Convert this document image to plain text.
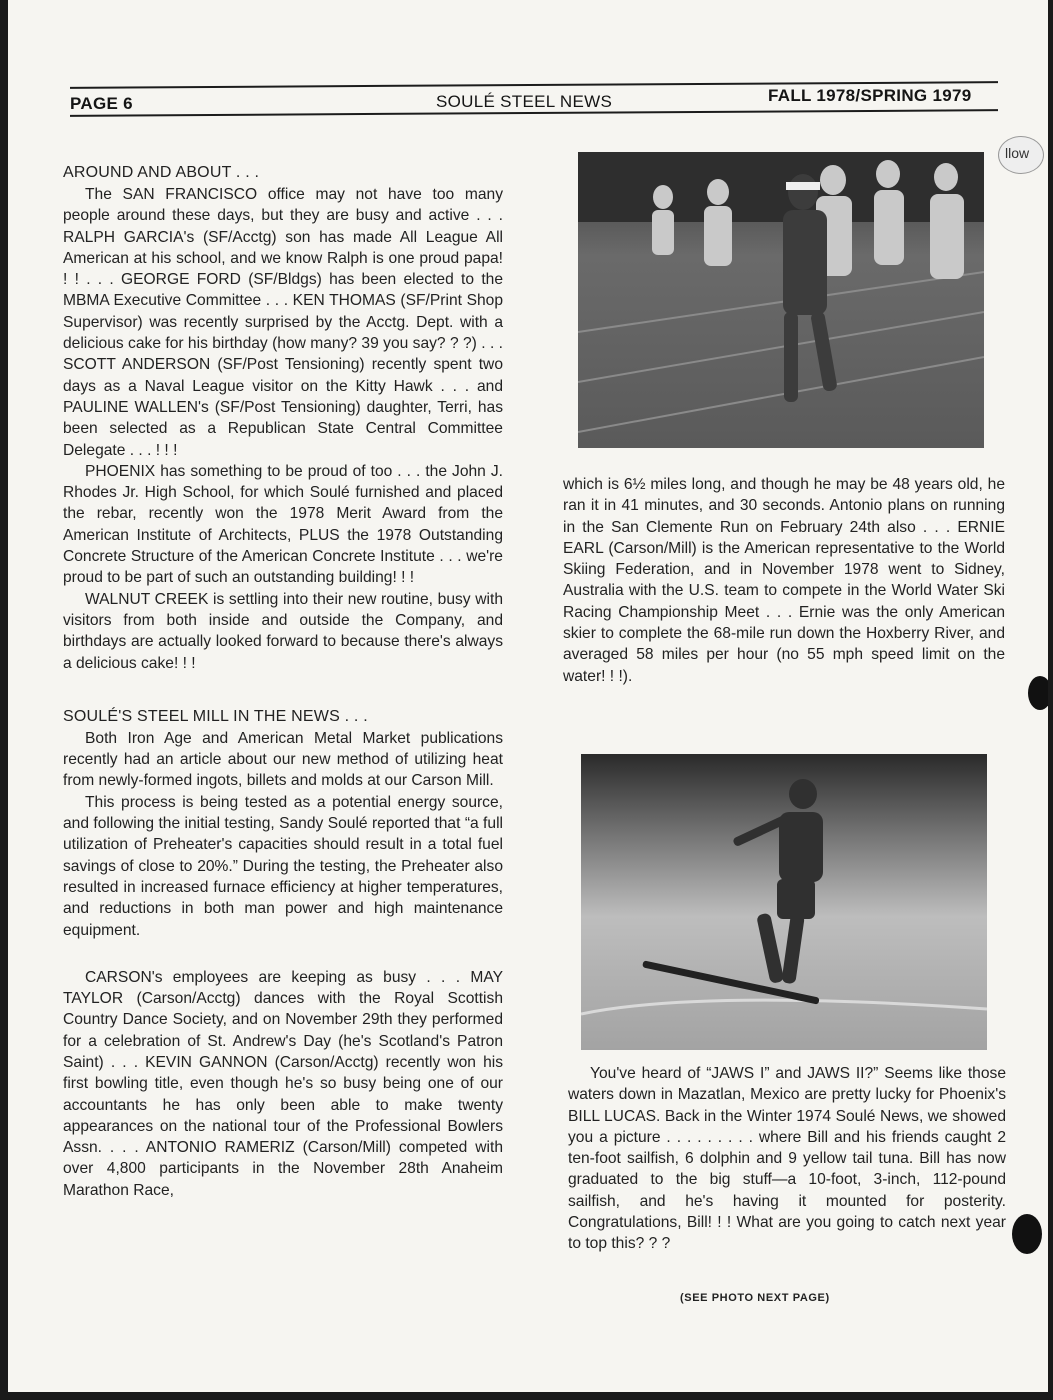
PAGE 6	SOULÉ STEEL NEWS	FALL 1978/SPRING 1979
llow
AROUND AND ABOUT . . .

The SAN FRANCISCO office may not have too many people around these days, but they are busy and active . . . RALPH GARCIA's (SF/Acctg) son has made All League All American at his school, and we know Ralph is one proud papa! ! ! . . . GEORGE FORD (SF/Bldgs) has been elected to the MBMA Executive Committee . . . KEN THOMAS (SF/Print Shop Supervisor) was recently surprised by the Acctg. Dept. with a delicious cake for his birthday (how many? 39 you say? ? ?) . . . SCOTT ANDERSON (SF/Post Tensioning) recently spent two days as a Naval League visitor on the Kitty Hawk . . . and PAULINE WALLEN's (SF/Post Tensioning) daughter, Terri, has been selected as a Republican State Central Committee Delegate . . . ! ! !

PHOENIX has something to be proud of too . . . the John J. Rhodes Jr. High School, for which Soulé furnished and placed the rebar, recently won the 1978 Merit Award from the American Institute of Architects, PLUS the 1978 Outstanding Concrete Structure of the American Concrete Institute . . . we're proud to be part of such an outstanding building! ! !

WALNUT CREEK is settling into their new routine, busy with visitors from both inside and outside the Company, and birthdays are actually looked forward to because there's always a delicious cake! ! !

SOULÉ'S STEEL MILL IN THE NEWS . . .

Both Iron Age and American Metal Market publications recently had an article about our new method of utilizing heat from newly-formed ingots, billets and molds at our Carson Mill.

This process is being tested as a potential energy source, and following the initial testing, Sandy Soulé reported that “a full utilization of Preheater's capacities should result in a total fuel savings of close to 20%.” During the testing, the Preheater also resulted in increased furnace efficiency at higher temperatures, and reductions in both man power and high maintenance equipment.

CARSON's employees are keeping as busy . . . MAY TAYLOR (Carson/Acctg) dances with the Royal Scottish Country Dance Society, and on November 29th they performed for a celebration of St. Andrew's Day (he's Scotland's Patron Saint) . . . KEVIN GANNON (Carson/Acctg) recently won his first bowling title, even though he's so busy being one of our accountants he has only been able to make twenty appearances on the national tour of the Professional Bowlers Assn. . . . ANTONIO RAMERIZ (Carson/Mill) competed with over 4,800 participants in the November 28th Anaheim Marathon Race,

which is 6½ miles long, and though he may be 48 years old, he ran it in 41 minutes, and 30 seconds. Antonio plans on running in the San Clemente Run on February 24th also . . . ERNIE EARL (Carson/Mill) is the American representative to the World Skiing Federation, and in November 1978 went to Sidney, Australia with the U.S. team to compete in the World Water Ski Racing Championship Meet . . . Ernie was the only American skier to complete the 68-mile run down the Hoxberry River, and averaged 58 miles per hour (no 55 mph speed limit on the water! ! !).

You've heard of “JAWS I” and JAWS II?” Seems like those waters down in Mazatlan, Mexico are pretty lucky for Phoenix's BILL LUCAS. Back in the Winter 1974 Soulé News, we showed you a picture . . . . . . . . . where Bill and his friends caught 2 ten-foot sailfish, 6 dolphin and 9 yellow tail tuna. Bill has now graduated to the big stuff—a 10-foot, 3-inch, 112-pound sailfish, and he's having it mounted for posterity. Congratulations, Bill! ! ! What are you going to catch next year to top this? ? ?

(SEE PHOTO NEXT PAGE)
